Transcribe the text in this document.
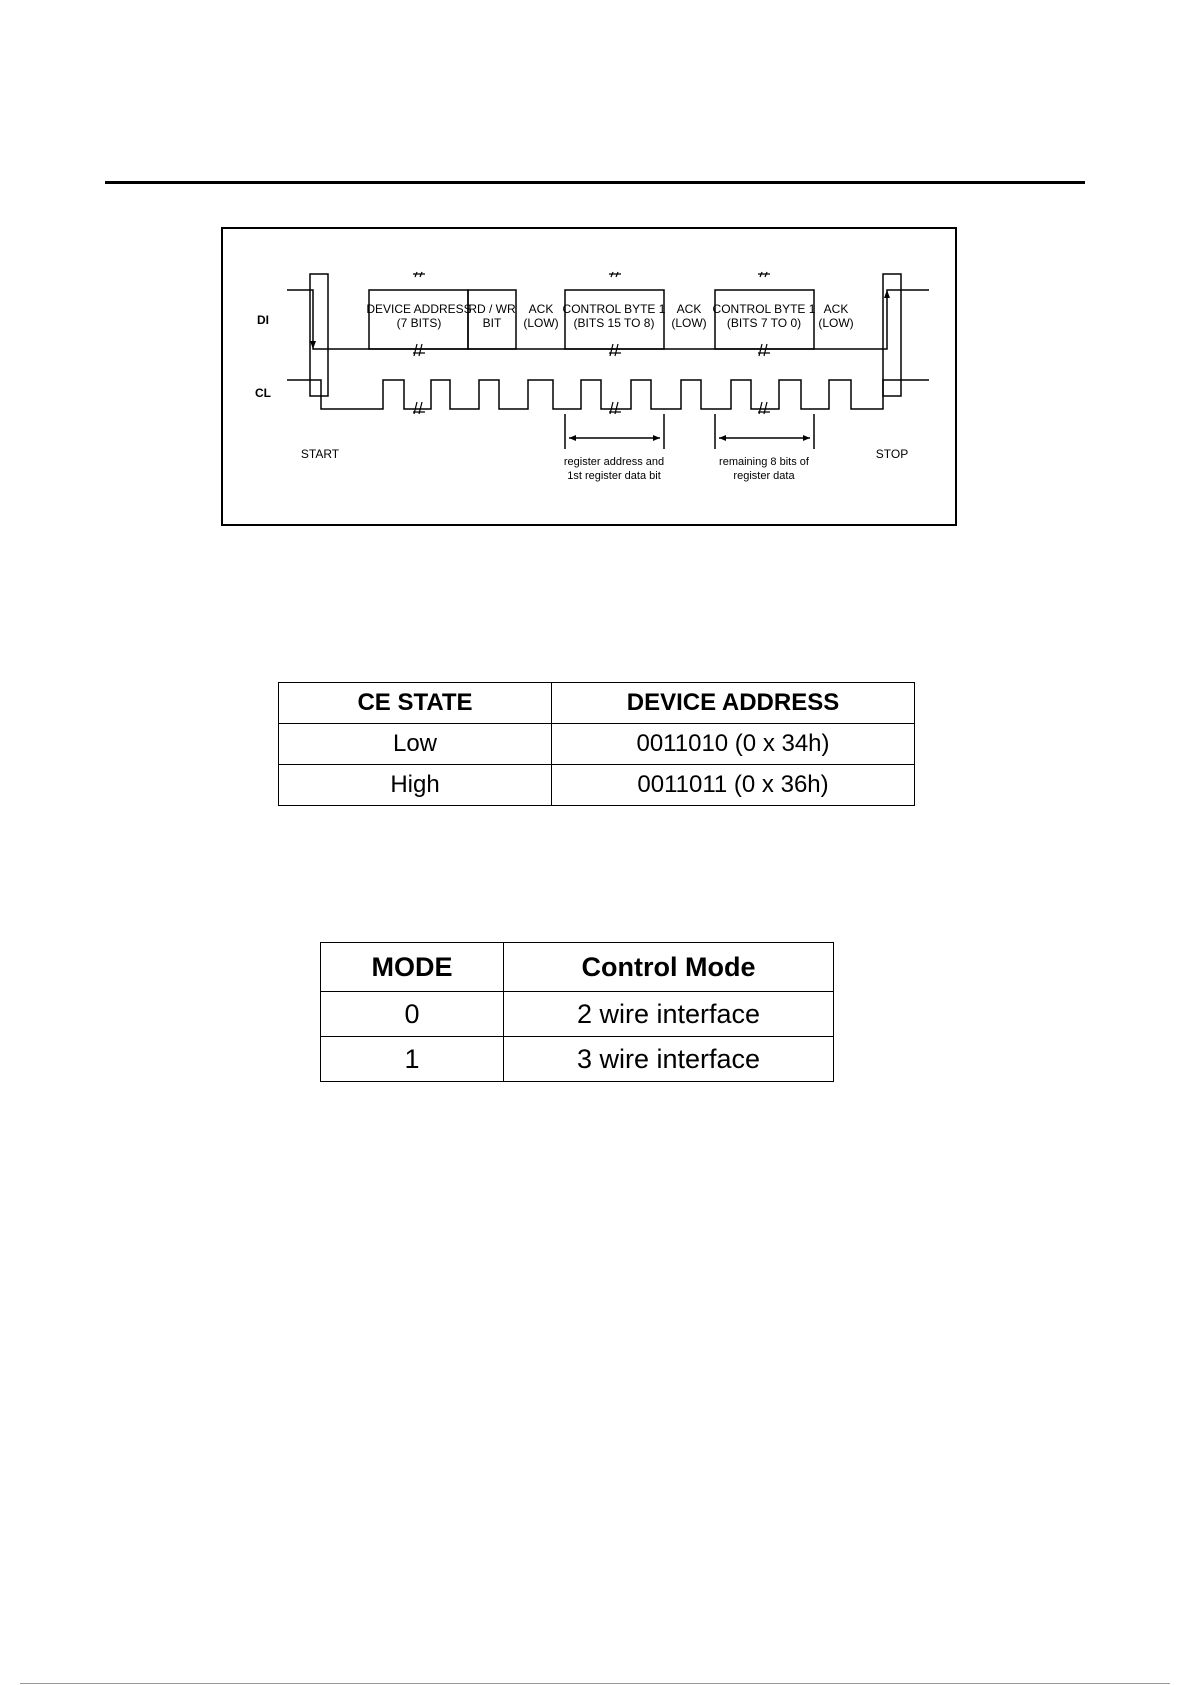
DI
CL
DEVICE ADDRESS
(7 BITS)
RD / WR
BIT
ACK
(LOW)
CONTROL BYTE 1
(BITS 15 TO 8)
ACK
(LOW)
CONTROL BYTE 1
(BITS 7 TO 0)
ACK
(LOW)
START	STOP
register address and
1st register data bit
remaining 8 bits of
register data
CE STATE	DEVICE ADDRESS
Low	0011010 (0 x 34h)
High	0011011 (0 x 36h)
MODE	Control Mode
0	2 wire interface
1	3 wire interface
